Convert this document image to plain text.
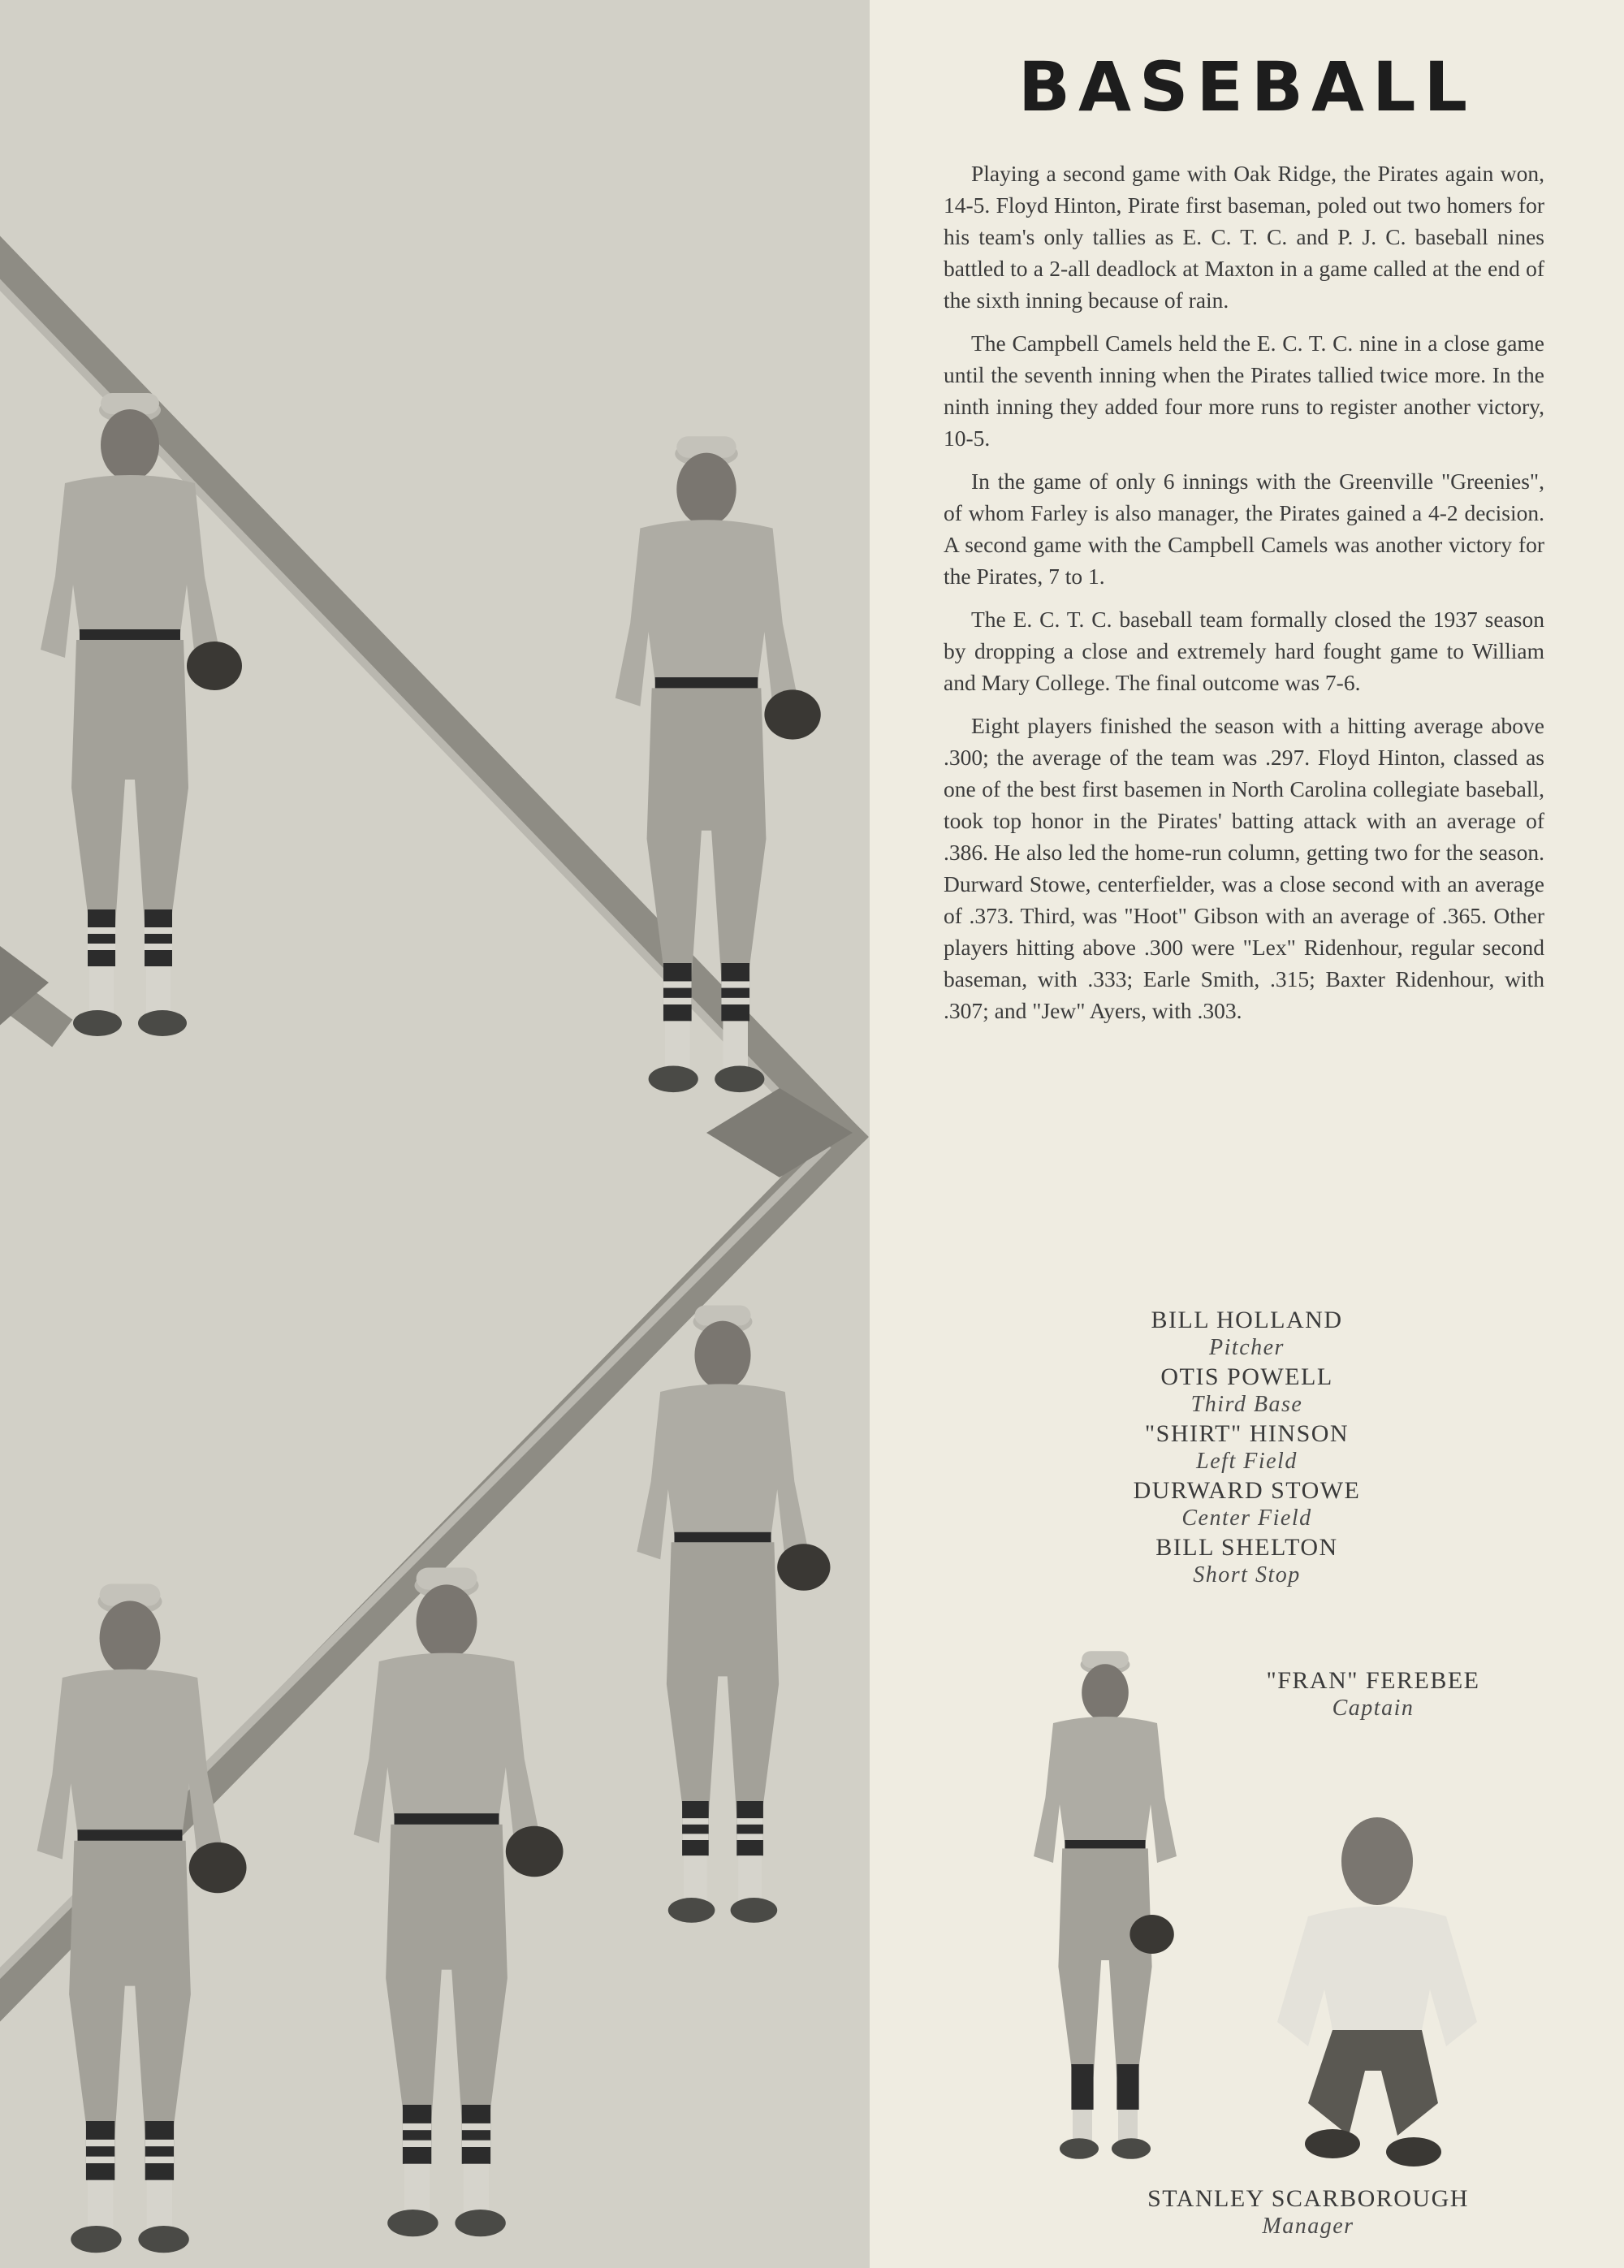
BASEBALL

Playing a second game with Oak Ridge, the Pirates again won, 14-5. Floyd Hinton, Pirate first baseman, poled out two homers for his team's only tallies as E. C. T. C. and P. J. C. baseball nines battled to a 2-all deadlock at Maxton in a game called at the end of the sixth inning because of rain.

The Campbell Camels held the E. C. T. C. nine in a close game until the seventh inning when the Pirates tallied twice more. In the ninth inning they added four more runs to register another victory, 10-5.

In the game of only 6 innings with the Greenville "Greenies", of whom Farley is also manager, the Pirates gained a 4-2 decision. A second game with the Campbell Camels was another victory for the Pirates, 7 to 1.

The E. C. T. C. baseball team formally closed the 1937 season by dropping a close and extremely hard fought game to William and Mary College. The final outcome was 7-6.

Eight players finished the season with a hitting average above .300; the average of the team was .297. Floyd Hinton, classed as one of the best first basemen in North Carolina collegiate baseball, took top honor in the Pirates' batting attack with an average of .386. He also led the home-run column, getting two for the season. Durward Stowe, centerfielder, was a close second with an average of .373. Third, was "Hoot" Gibson with an average of .365. Other players hitting above .300 were "Lex" Ridenhour, regular second baseman, with .333; Earle Smith, .315; Baxter Ridenhour, with .307; and "Jew" Ayers, with .303.

BILL HOLLAND
Pitcher
OTIS POWELL
Third Base
"SHIRT" HINSON
Left Field
DURWARD STOWE
Center Field
BILL SHELTON
Short Stop
"FRAN" FEREBEE
Captain
STANLEY SCARBOROUGH
Manager
